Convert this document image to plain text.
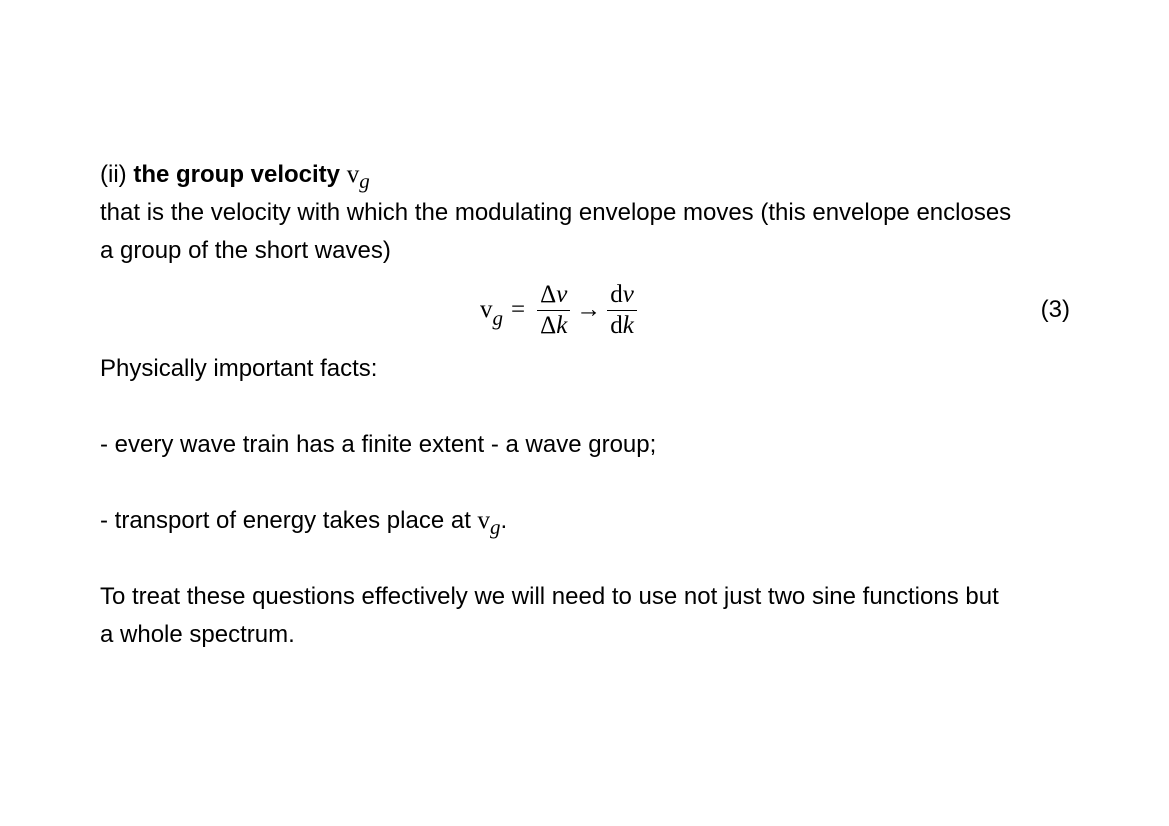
(ii) the group velocity vg
that is the velocity with which the modulating envelope moves (this envelope encloses
a group of the short waves)
v $g = \frac{\Delta\nu}{\Delta k} \to \frac{d\nu}{dk}$	(3)
Physically important facts:
- every wave train has a finite extent - a wave group;
- transport of energy takes place at vg.
To treat these questions effectively we will need to use not just two sine functions but
a whole spectrum.
